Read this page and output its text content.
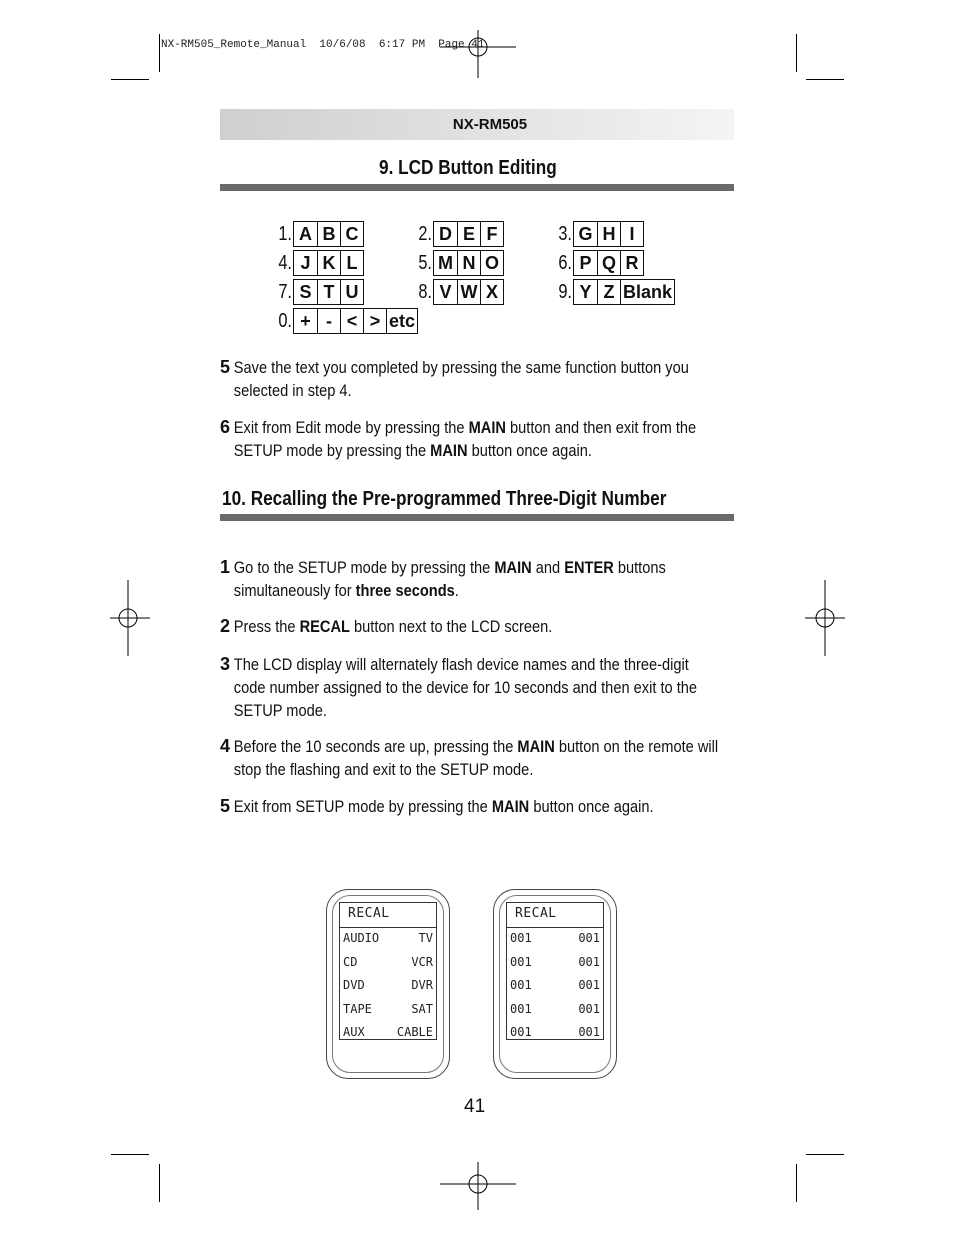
NX-RM505_Remote_Manual  10/6/08  6:17 PM  Page 41
NX-RM505
9. LCD Button Editing
1. A B C	2. D E F	3. G H I
4. J K L	5. M N O	6. P Q R
7. S T U	8. V W X	9. Y Z Blank
0. + - < > etc
5 Save the text you completed by pressing the same function button you selected in step 4.
6 Exit from Edit mode by pressing the MAIN button and then exit from the SETUP mode by pressing the MAIN button once again.
10. Recalling the Pre-programmed Three-Digit Number
1 Go to the SETUP mode by pressing the MAIN and ENTER buttons simultaneously for three seconds.
2 Press the RECAL button next to the LCD screen.
3 The LCD display will alternately flash device names and the three-digit code number assigned to the device for 10 seconds and then exit to the SETUP mode.
4 Before the 10 seconds are up, pressing the MAIN button on the remote will stop the flashing and exit to the SETUP mode.
5 Exit from SETUP mode by pressing the MAIN button once again.
RECAL
AUDIO	TV
CD	VCR
DVD	DVR
TAPE	SAT
AUX	CABLE
RECAL
001	001
001	001
001	001
001	001
001	001
41
